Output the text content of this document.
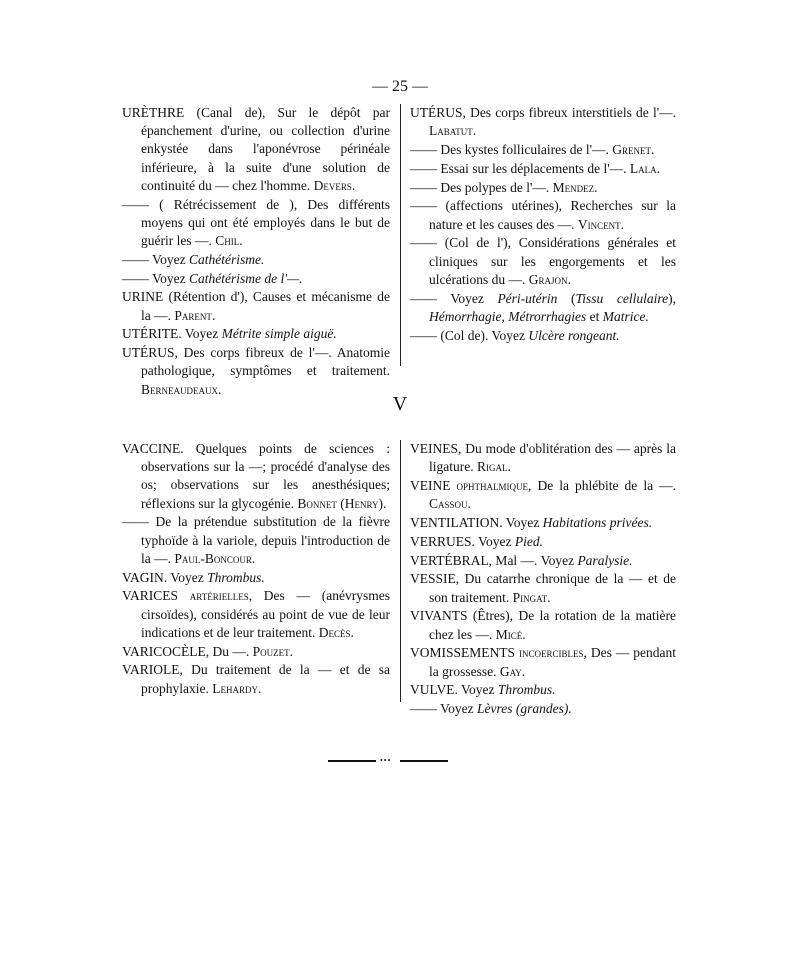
— 25 —

URÈTHRE (Canal de), Sur le dépôt par épanchement d'urine, ou collection d'urine enkystée dans l'aponévrose périnéale inférieure, à la suite d'une solution de continuité du — chez l'homme. Devers.

—— ( Rétrécissement de ), Des différents moyens qui ont été employés dans le but de guérir les —. Chil.

—— Voyez Cathétérisme.

—— Voyez Cathétérisme de l'—.

URINE (Rétention d'), Causes et mécanisme de la —. Parent.

UTÉRITE. Voyez Métrite simple aiguë.

UTÉRUS, Des corps fibreux de l'—. Anatomie pathologique, symptômes et traitement. Berneaudeaux.

UTÉRUS, Des corps fibreux interstitiels de l'—. Labatut.

—— Des kystes folliculaires de l'—. Grenet.

—— Essai sur les déplacements de l'—. Lala.

—— Des polypes de l'—. Mendez.

—— (affections utérines), Recherches sur la nature et les causes des —. Vincent.

—— (Col de l'), Considérations générales et cliniques sur les engorgements et les ulcérations du —. Grajon.

—— Voyez Péri-utérin (Tissu cellulaire), Hémorrhagie, Métrorrhagies et Matrice.

—— (Col de). Voyez Ulcère rongeant.

V

VACCINE. Quelques points de sciences : observations sur la —; procédé d'analyse des os; observations sur les anesthésiques; réflexions sur la glycogénie. Bonnet (Henry).

—— De la prétendue substitution de la fièvre typhoïde à la variole, depuis l'introduction de la —. Paul-Boncour.

VAGIN. Voyez Thrombus.

VARICES artérielles, Des — (anévrysmes cirsoïdes), considérés au point de vue de leur indications et de leur traitement. Decès.

VARICOCÈLE, Du —. Pouzet.

VARIOLE, Du traitement de la — et de sa prophylaxie. Lehardy.

VEINES, Du mode d'oblitération des — après la ligature. Rigal.

VEINE ophthalmique, De la phlébite de la —. Cassou.

VENTILATION. Voyez Habitations privées.

VERRUES. Voyez Pied.

VERTÉBRAL, Mal —. Voyez Paralysie.

VESSIE, Du catarrhe chronique de la — et de son traitement. Pingat.

VIVANTS (Êtres), De la rotation de la matière chez les —. Micé.

VOMISSEMENTS incoercibles, Des — pendant la grossesse. Gay.

VULVE. Voyez Thrombus.

—— Voyez Lèvres (grandes).

•••
